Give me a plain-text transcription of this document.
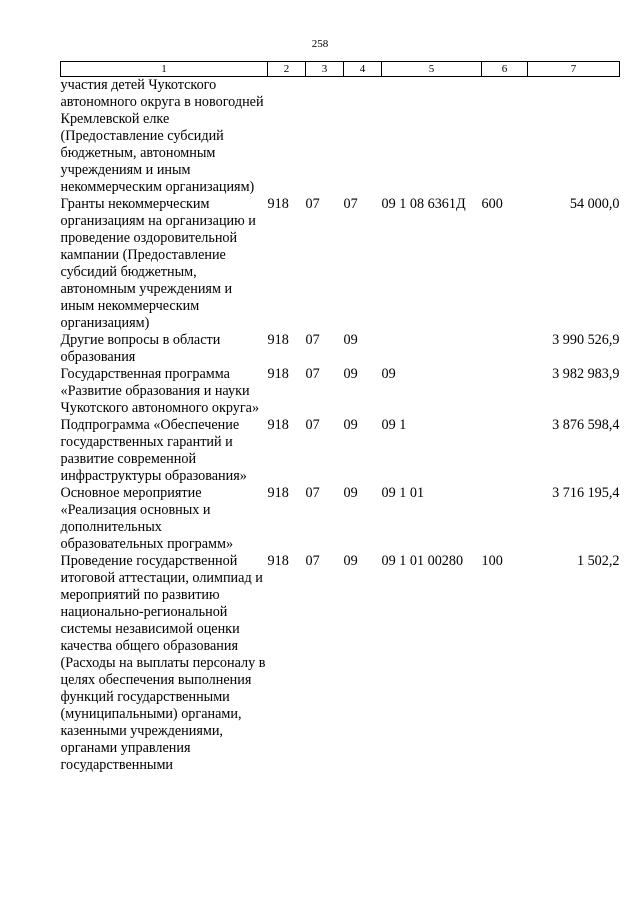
258
1	2	3	4	5	6	7
участия детей Чукотского автономного округа в новогодней Кремлевской елке (Предоставление субсидий бюджетным, автономным учреждениям и иным некоммерческим организациям)						
Гранты некоммерческим организациям на организацию и проведение оздоровительной кампании (Предоставление субсидий бюджетным, автономным учреждениям и иным некоммерческим организациям)	918	07	07	09 1 08 6361Д	600	54 000,0
Другие вопросы в области образования	918	07	09			3 990 526,9
Государственная программа «Развитие образования и науки Чукотского автономного округа»	918	07	09	09		3 982 983,9
Подпрограмма «Обеспечение государственных гарантий и развитие современной инфраструктуры образования»	918	07	09	09 1		3 876 598,4
Основное мероприятие «Реализация основных и дополнительных образовательных программ»	918	07	09	09 1 01		3 716 195,4
Проведение государственной итоговой аттестации, олимпиад и мероприятий по развитию национально-региональной системы независимой оценки качества общего образования (Расходы на выплаты персоналу в целях обеспечения выполнения функций государственными (муниципальными) органами, казенными учреждениями, органами управления государственными	918	07	09	09 1 01 00280	100	1 502,2
